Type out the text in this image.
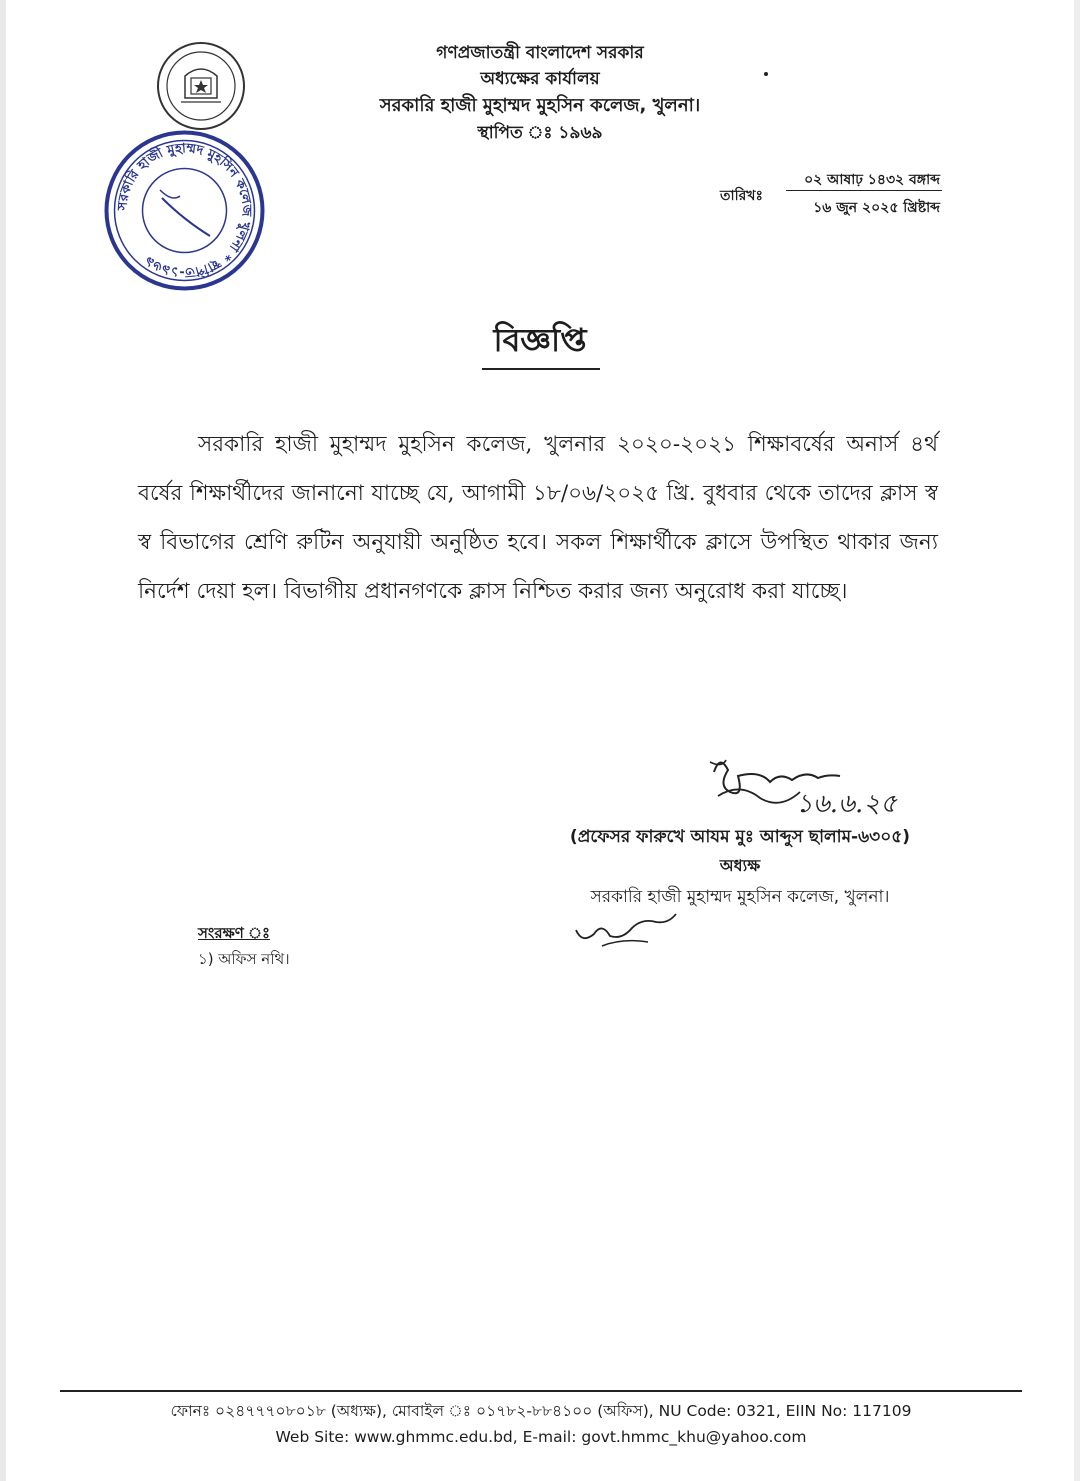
সরকারি হাজী মুহাম্মদ মুহসিন কলেজ খুলনা * স্থাপিত-১৯৬৯
গণপ্রজাতন্ত্রী বাংলাদেশ সরকার
অধ্যক্ষের কার্যালয়
সরকারি হাজী মুহাম্মদ মুহসিন কলেজ, খুলনা।
স্থাপিত ঃ ১৯৬৯
তারিখঃ
০২ আষাঢ় ১৪৩২ বঙ্গাব্দ
১৬ জুন ২০২৫ খ্রিষ্টাব্দ
বিজ্ঞপ্তি
সরকারি হাজী মুহাম্মদ মুহসিন কলেজ, খুলনার ২০২০-২০২১ শিক্ষাবর্ষের অনার্স ৪র্থ বর্ষের শিক্ষার্থীদের জানানো যাচ্ছে যে, আগামী ১৮/০৬/২০২৫ খ্রি. বুধবার থেকে তাদের ক্লাস স্ব স্ব বিভাগের শ্রেণি রুটিন অনুযায়ী অনুষ্ঠিত হবে। সকল শিক্ষার্থীকে ক্লাসে উপস্থিত থাকার জন্য নির্দেশ দেয়া হল। বিভাগীয় প্রধানগণকে ক্লাস নিশ্চিত করার জন্য অনুরোধ করা যাচ্ছে।
১৬.৬.২৫
(প্রফেসর ফারুখে আযম মুঃ আব্দুস ছালাম-৬৩০৫)
অধ্যক্ষ
সরকারি হাজী মুহাম্মদ মুহসিন কলেজ, খুলনা।
সংরক্ষণ ঃ
১) অফিস নথি।
ফোনঃ ০২৪৭৭৭০৮০১৮ (অধ্যক্ষ), মোবাইল ঃ ০১৭৮২-৮৮৪১০০ (অফিস), NU Code: 0321, EIIN No: 117109
Web Site: www.ghmmc.edu.bd, E-mail: govt.hmmc_khu@yahoo.com
